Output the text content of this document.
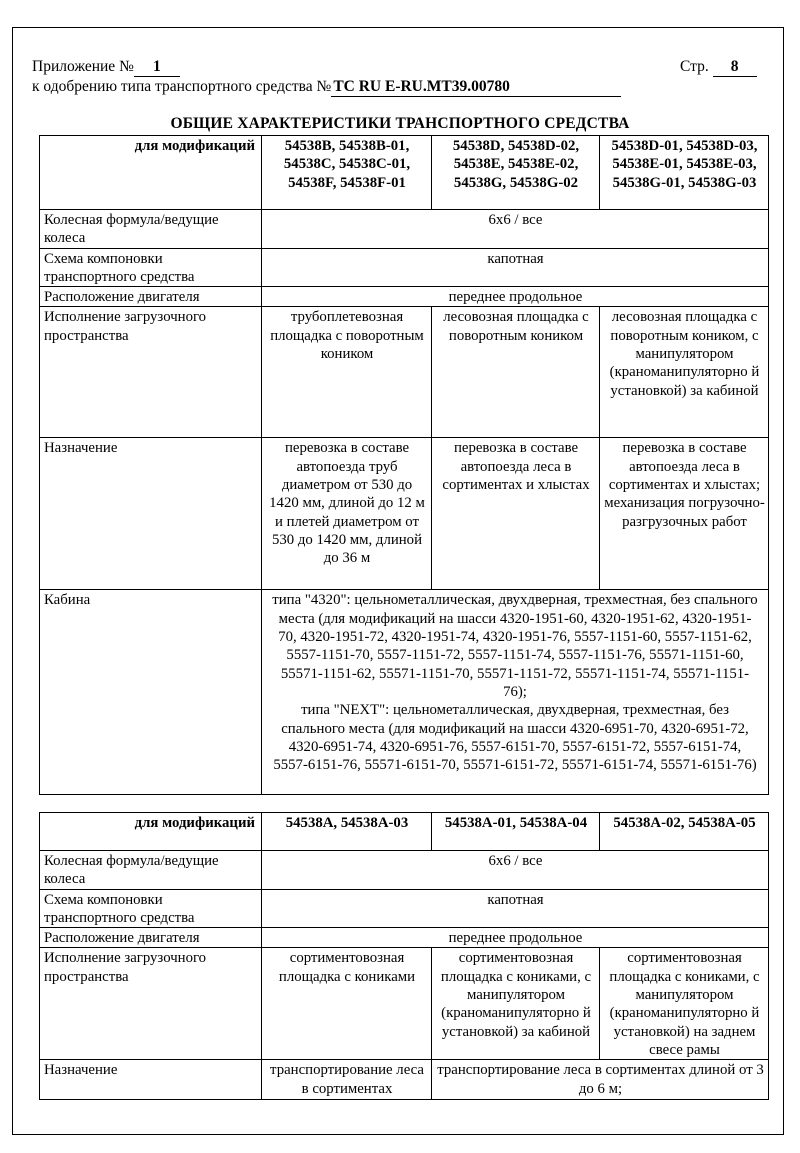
Приложение № 1	Стр. 8
к одобрению типа транспортного средства № ТС RU E-RU.МТ39.00780
ОБЩИЕ ХАРАКТЕРИСТИКИ ТРАНСПОРТНОГО СРЕДСТВА
для модификаций	54538B, 54538B-01, 54538C, 54538C-01, 54538F, 54538F-01	54538D, 54538D-02, 54538E, 54538E-02, 54538G, 54538G-02	54538D-01, 54538D-03, 54538E-01, 54538E-03, 54538G-01, 54538G-03
Колесная формула/ведущие колеса	6x6 / все		
Схема компоновки транспортного средства	капотная		
Расположение двигателя	переднее продольное		
Исполнение загрузочного пространства	трубоплетевозная площадка с поворотным коником	лесовозная площадка с поворотным коником	лесовозная площадка с поворотным коником, с манипулятором (краноманипуляторно й установкой) за кабиной
Назначение	перевозка в составе автопоезда труб диаметром от 530 до 1420 мм, длиной до 12 м и плетей диаметром от 530 до 1420 мм, длиной до 36 м	перевозка в составе автопоезда леса в сортиментах и хлыстах	перевозка в составе автопоезда леса в сортиментах и хлыстах; механизация погрузочно-разгрузочных работ
Кабина	типа "4320": цельнометаллическая, двухдверная, трехместная, без спального места (для модификаций на шасси 4320-1951-60, 4320-1951-62, 4320-1951-70, 4320-1951-72, 4320-1951-74, 4320-1951-76, 5557-1151-60, 5557-1151-62, 5557-1151-70, 5557-1151-72, 5557-1151-74, 5557-1151-76, 55571-1151-60, 55571-1151-62, 55571-1151-70, 55571-1151-72, 55571-1151-74, 55571-1151-76);
типа "NEXT": цельнометаллическая, двухдверная, трехместная, без спального места (для модификаций на шасси 4320-6951-70, 4320-6951-72, 4320-6951-74, 4320-6951-76, 5557-6151-70, 5557-6151-72, 5557-6151-74, 5557-6151-76, 55571-6151-70, 55571-6151-72, 55571-6151-74, 55571-6151-76)		
для модификаций	54538A, 54538A-03	54538A-01, 54538A-04	54538A-02, 54538A-05
Колесная формула/ведущие колеса	6x6 / все		
Схема компоновки транспортного средства	капотная		
Расположение двигателя	переднее продольное		
Исполнение загрузочного пространства	сортиментовозная площадка с кониками	сортиментовозная площадка с кониками, с манипулятором (краноманипуляторно й установкой) за кабиной	сортиментовозная площадка с кониками, с манипулятором (краноманипуляторно й установкой) на заднем свесе рамы
Назначение	транспортирование леса в сортиментах	транспортирование леса в сортиментах длиной от 3 до 6 м;	
